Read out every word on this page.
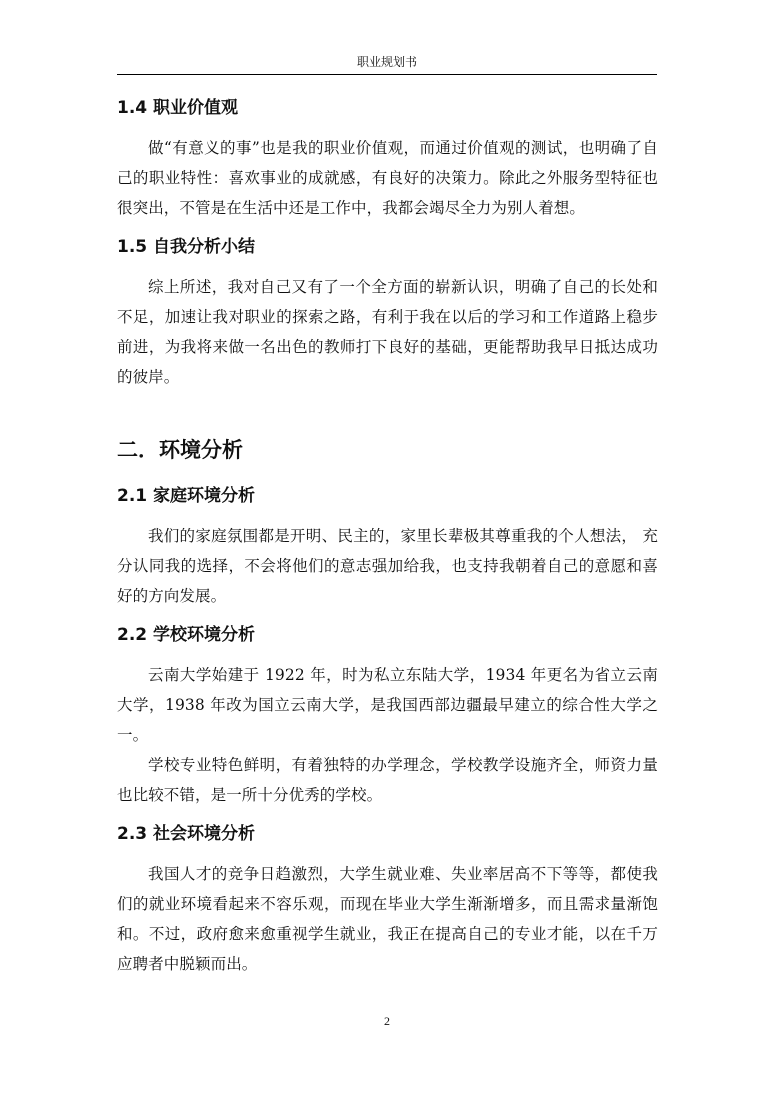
职业规划书
1.4 职业价值观

做“有意义的事”也是我的职业价值观，而通过价值观的测试，也明确了自己的职业特性：喜欢事业的成就感，有良好的决策力。除此之外服务型特征也很突出，不管是在生活中还是工作中，我都会竭尽全力为别人着想。

1.5 自我分析小结

综上所述，我对自己又有了一个全方面的崭新认识，明确了自己的长处和不足，加速让我对职业的探索之路，有利于我在以后的学习和工作道路上稳步前进，为我将来做一名出色的教师打下良好的基础，更能帮助我早日抵达成功的彼岸。

二．环境分析
2.1 家庭环境分析

我们的家庭氛围都是开明、民主的，家里长辈极其尊重我的个人想法， 充分认同我的选择，不会将他们的意志强加给我，也支持我朝着自己的意愿和喜好的方向发展。

2.2 学校环境分析

云南大学始建于 1922 年，时为私立东陆大学，1934 年更名为省立云南大学，1938 年改为国立云南大学，是我国西部边疆最早建立的综合性大学之一。

学校专业特色鲜明，有着独特的办学理念，学校教学设施齐全，师资力量也比较不错，是一所十分优秀的学校。

2.3 社会环境分析

我国人才的竞争日趋激烈，大学生就业难、失业率居高不下等等，都使我们的就业环境看起来不容乐观，而现在毕业大学生渐渐增多，而且需求量渐饱和。不过，政府愈来愈重视学生就业，我正在提高自己的专业才能，以在千万应聘者中脱颖而出。

2
